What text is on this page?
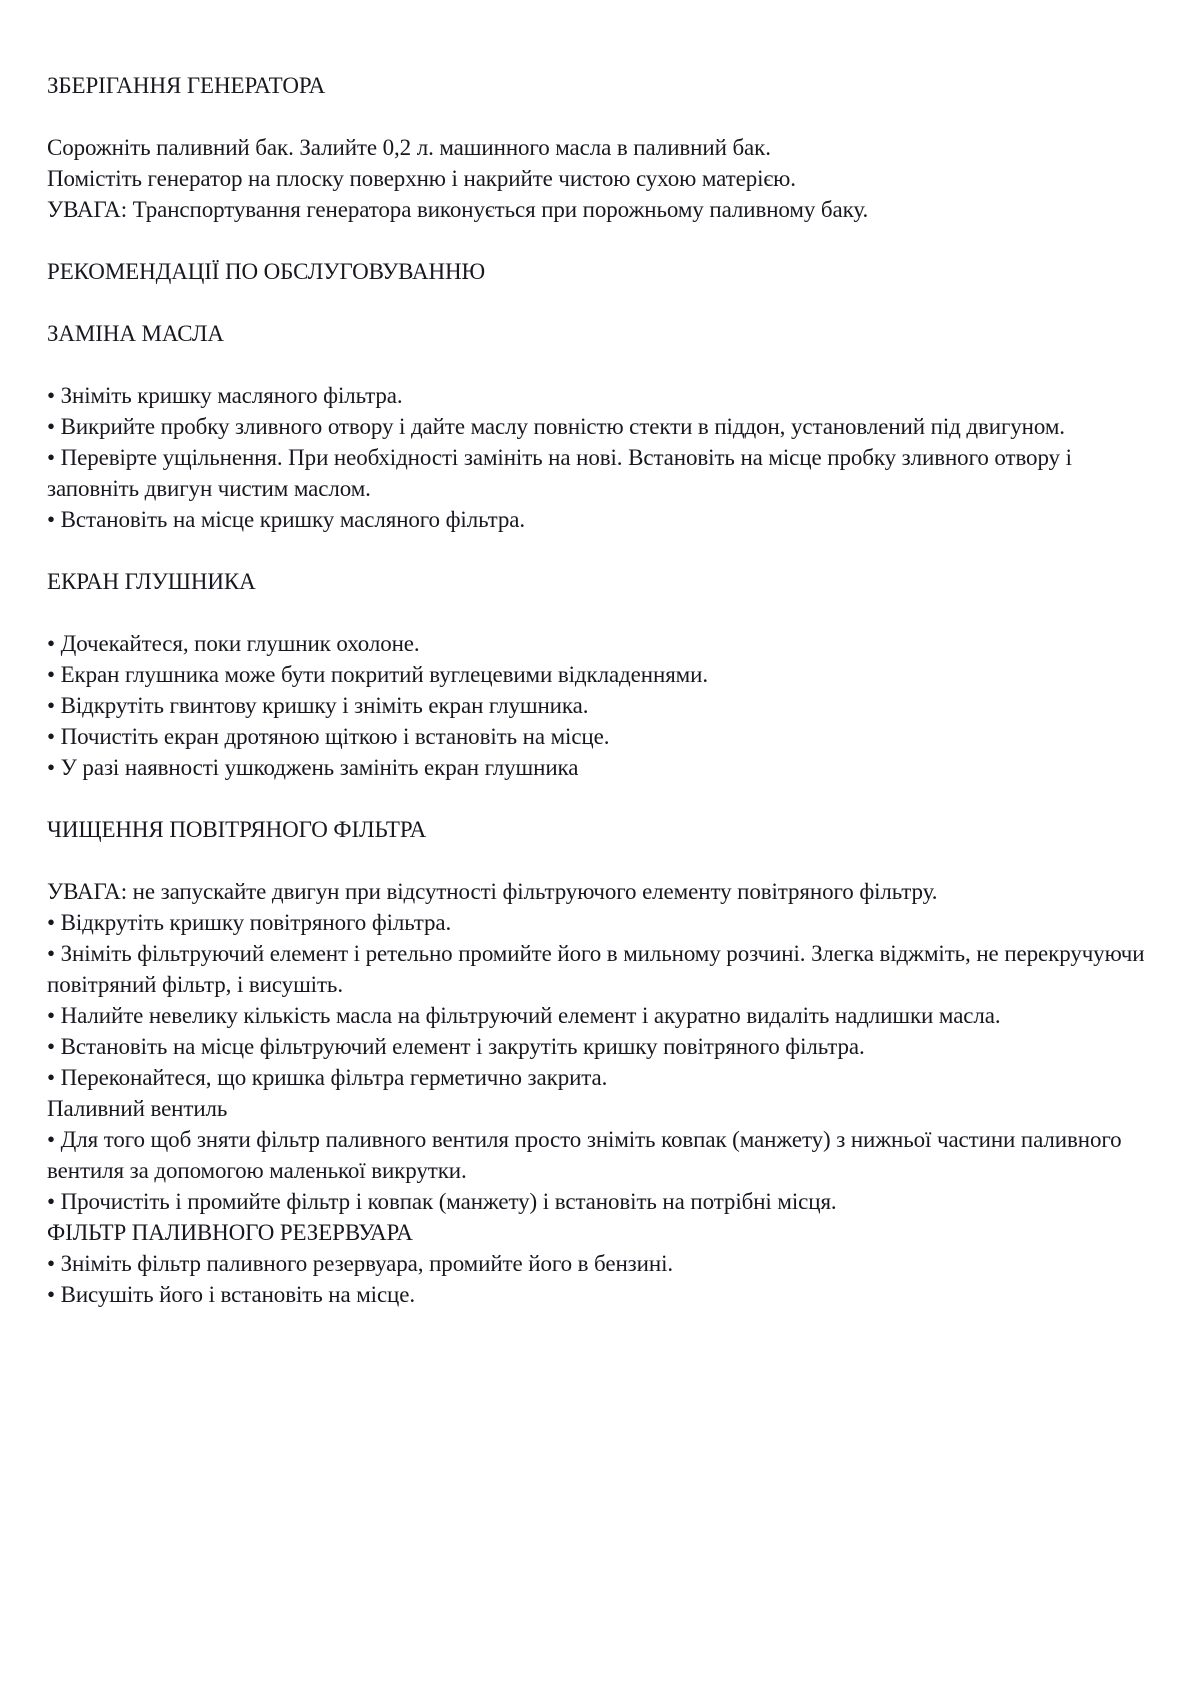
ЗБЕРІГАННЯ ГЕНЕРАТОРА
Сорожніть паливний бак. Залийте 0,2 л. машинного масла в паливний бак.
Помістіть генератор на плоску поверхню і накрийте чистою сухою матерією.
УВАГА: Транспортування генератора виконується при порожньому паливному баку.
РЕКОМЕНДАЦІЇ ПО ОБСЛУГОВУВАННЮ
ЗАМІНА МАСЛА
• Зніміть кришку масляного фільтра.
• Викрийте пробку зливного отвору і дайте маслу повністю стекти в піддон, установлений під двигуном.
• Перевірте ущільнення. При необхідності замініть на нові. Встановіть на місце пробку зливного отвору і заповніть двигун чистим маслом.
• Встановіть на місце кришку масляного фільтра.
ЕКРАН ГЛУШНИКА
• Дочекайтеся, поки глушник охолоне.
• Екран глушника може бути покритий вуглецевими відкладеннями.
• Відкрутіть гвинтову кришку і зніміть екран глушника.
• Почистіть екран дротяною щіткою і встановіть на місце.
• У разі наявності ушкоджень замініть екран глушника
ЧИЩЕННЯ ПОВІТРЯНОГО ФІЛЬТРА
УВАГА: не запускайте двигун при відсутності фільтруючого елементу повітряного фільтру.
• Відкрутіть кришку повітряного фільтра.
• Зніміть фільтруючий елемент і ретельно промийте його в мильному розчині. Злегка віджміть, не перекручуючи повітряний фільтр, і висушіть.
• Налийте невелику кількість масла на фільтруючий елемент і акуратно видаліть надлишки масла.
• Встановіть на місце фільтруючий елемент і закрутіть кришку повітряного фільтра.
• Переконайтеся, що кришка фільтра герметично закрита.
Паливний вентиль
• Для того щоб зняти фільтр паливного вентиля просто зніміть ковпак (манжету) з нижньої частини паливного вентиля за допомогою маленької викрутки.
• Прочистіть і промийте фільтр і ковпак (манжету) і встановіть на потрібні місця.
ФІЛЬТР ПАЛИВНОГО РЕЗЕРВУАРА
• Зніміть фільтр паливного резервуара, промийте його в бензині.
• Висушіть його і встановіть на місце.
